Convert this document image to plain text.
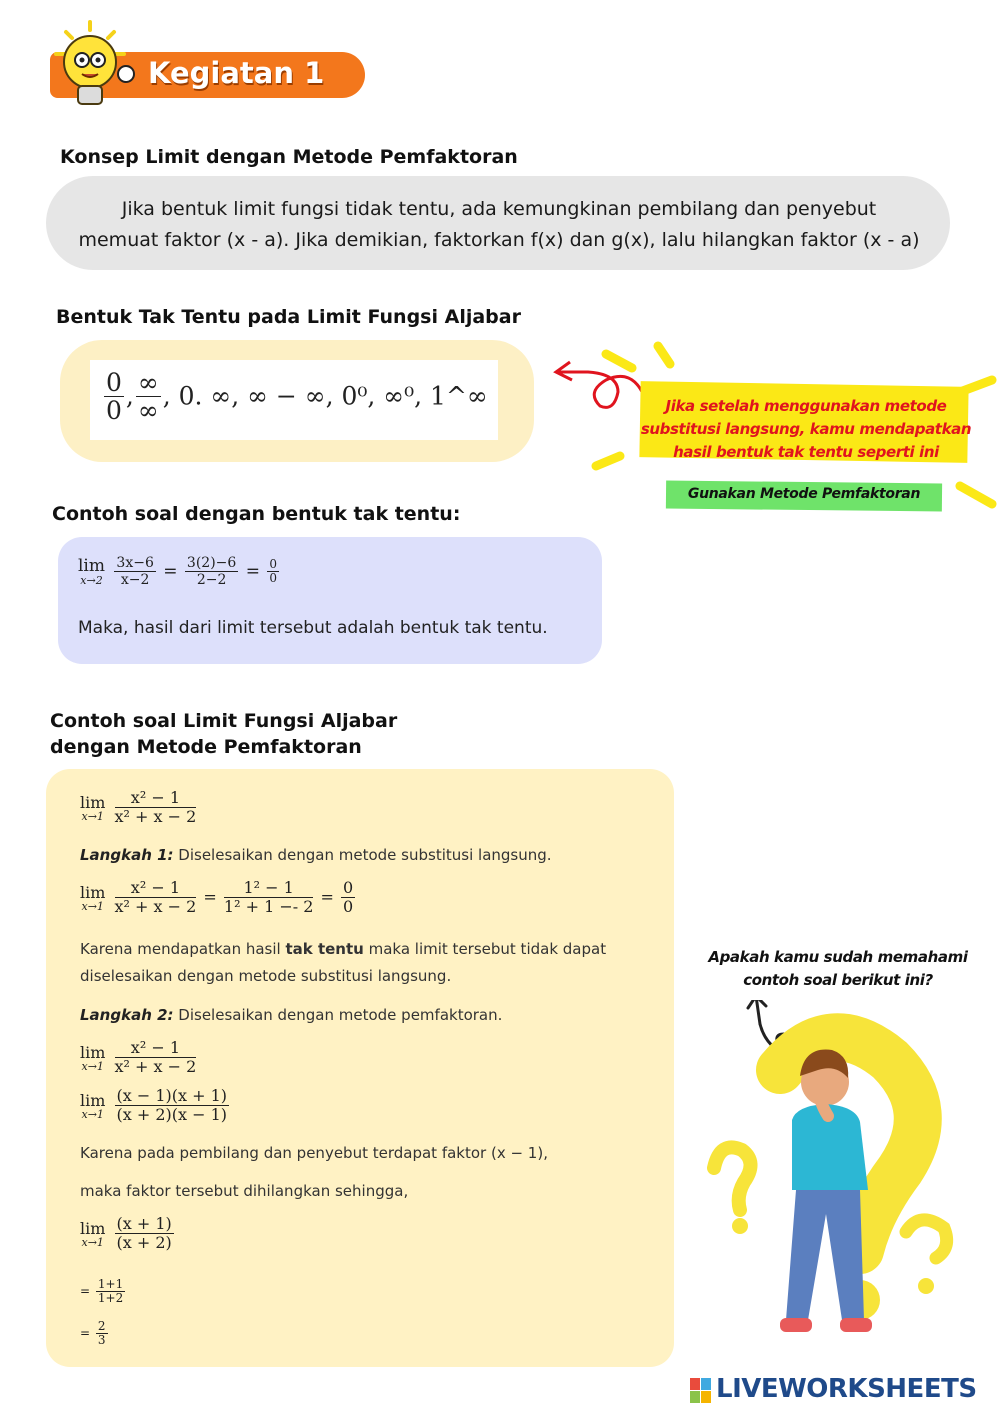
Kegiatan 1
Konsep Limit dengan Metode Pemfaktoran
Jika bentuk limit fungsi tidak tentu, ada kemungkinan pembilang dan penyebut
memuat faktor (x - a). Jika demikian, faktorkan f(x) dan g(x), lalu hilangkan faktor (x - a)
Bentuk Tak Tentu pada Limit Fungsi Aljabar
$\frac{0}{0}$ , $\frac{\infty}{\infty}$ , 0. ∞, ∞ − ∞, 0⁰, ∞⁰, 1^∞	Jika setelah menggunakan metode
substitusi langsung, kamu mendapatkan
hasil bentuk tak tentu seperti ini
Gunakan Metode Pemfaktoran
Contoh soal dengan bentuk tak tentu:
lim
x→2
$\frac{3x-6}{x-2} = \frac{3(2)-6}{2-2} = \frac{0}{0}$
Maka, hasil dari limit tersebut adalah bentuk tak tentu.
Contoh soal Limit Fungsi Aljabar
dengan Metode Pemfaktoran
lim
x→1
$\frac{\text{x² − 1}}{\text{x² + x − 2}}$
Langkah 1: Diselesaikan dengan metode substitusi langsung.
lim
x→1
$\frac{\text{x² − 1}}{\text{x² + x − 2}} = \frac{\text{1² − 1}}{\text{1² + 1 −- 2}} = \frac{0}{0}$
Karena mendapatkan hasil tak tentu maka limit tersebut tidak dapat
diselesaikan dengan metode substitusi langsung.
Langkah 2: Diselesaikan dengan metode pemfaktoran.
lim
x→1
$\frac{\text{x² − 1}}{\text{x² + x − 2}}$
lim
x→1
$\frac{(x - 1)(x + 1)}{(x + 2)(x - 1)}$
Karena pada pembilang dan penyebut terdapat faktor (x − 1),
maka faktor tersebut dihilangkan sehingga,
lim
x→1
$\frac{(x + 1)}{(x + 2)}$
= $\frac{1+1}{1+2}$
= $\frac{2}{3}$
Apakah kamu sudah memahami
contoh soal berikut ini?
LIVEWORKSHEETS
